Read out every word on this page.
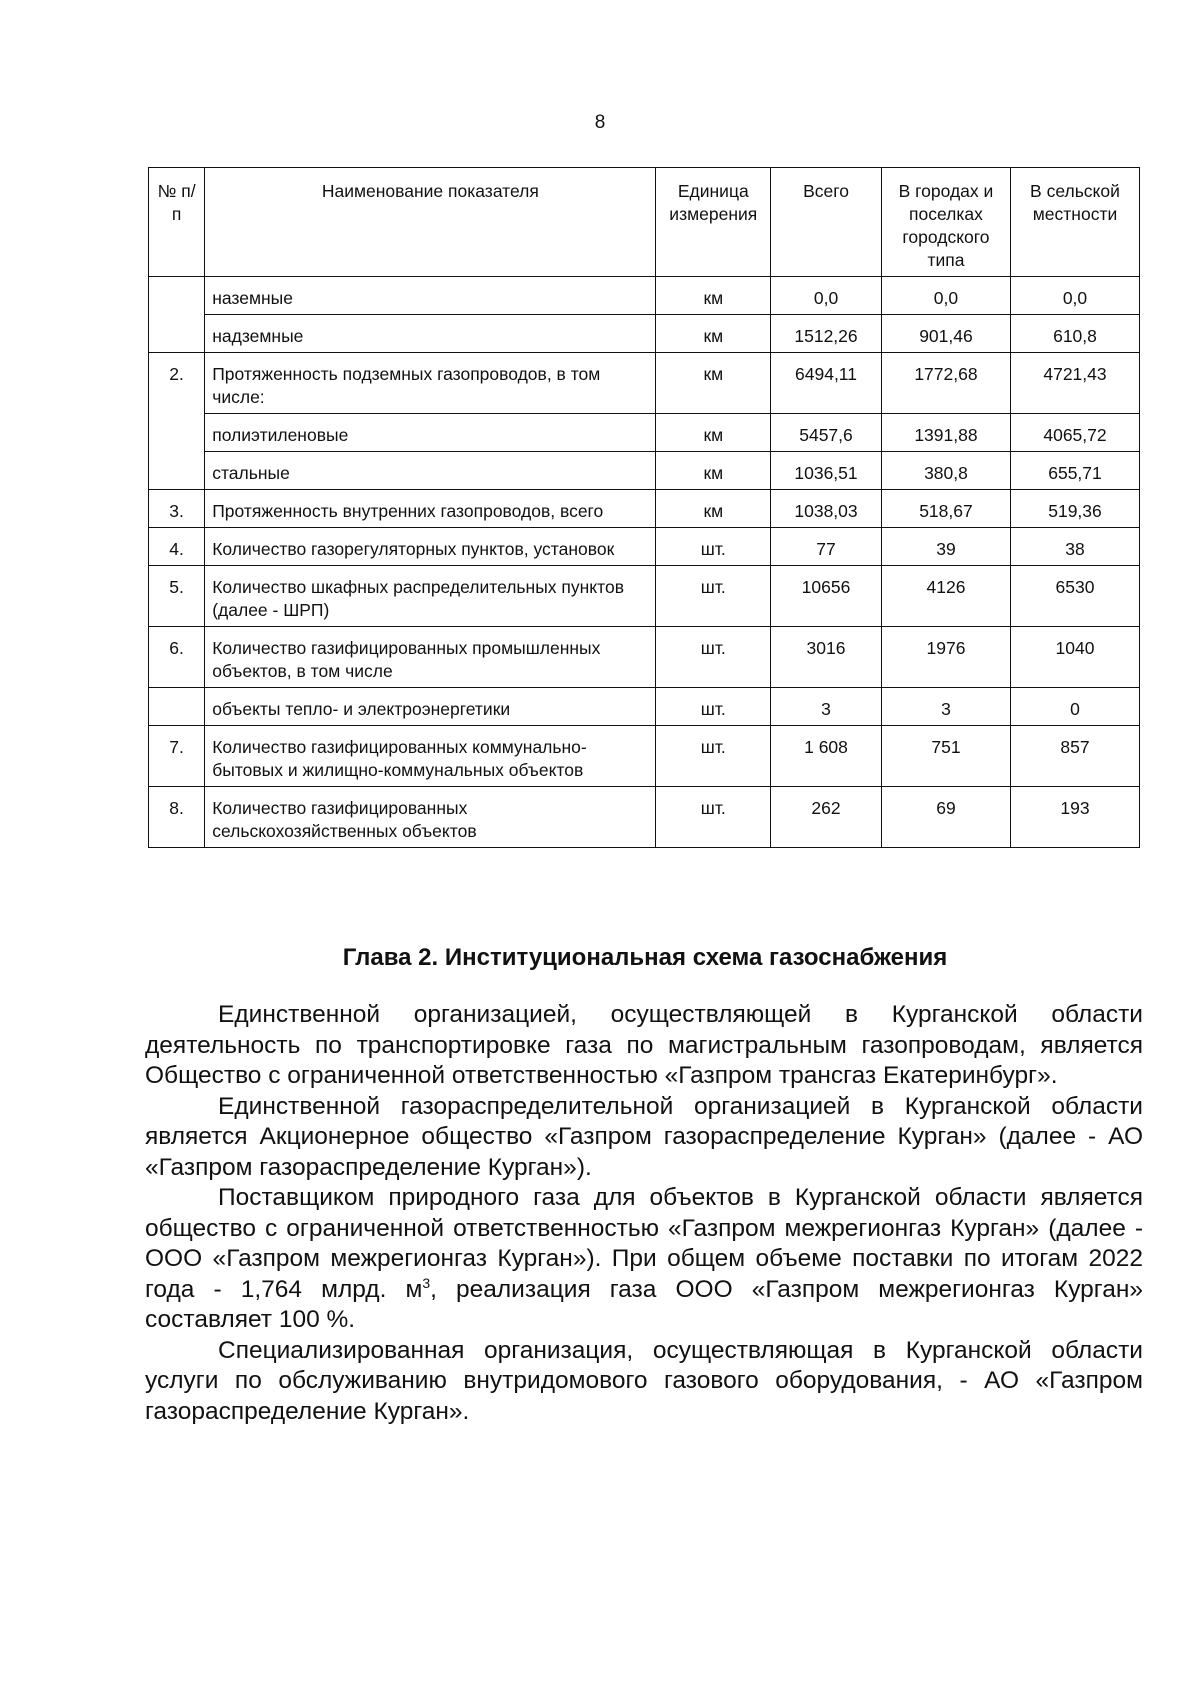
8
№ п/п	Наименование показателя	Единица измерения	Всего	В городах и поселках городского типа	В сельской местности
	наземные	км	0,0	0,0	0,0
	надземные	км	1512,26	901,46	610,8
2.	Протяженность подземных газопроводов, в том числе:	км	6494,11	1772,68	4721,43
	полиэтиленовые	км	5457,6	1391,88	4065,72
	стальные	км	1036,51	380,8	655,71
3.	Протяженность внутренних газопроводов, всего	км	1038,03	518,67	519,36
4.	Количество газорегуляторных пунктов, установок	шт.	77	39	38
5.	Количество шкафных распределительных пунктов (далее - ШРП)	шт.	10656	4126	6530
6.	Количество газифицированных промышленных объектов, в том числе	шт.	3016	1976	1040
	объекты тепло- и электроэнергетики	шт.	3	3	0
7.	Количество газифицированных коммунально-бытовых и жилищно-коммунальных объектов	шт.	1 608	751	857
8.	Количество газифицированных сельскохозяйственных объектов	шт.	262	69	193
Глава 2. Институциональная схема газоснабжения

Единственной организацией, осуществляющей в Курганской области деятельность по транспортировке газа по магистральным газопроводам, является Общество с ограниченной ответственностью «Газпром трансгаз Екатеринбург».

Единственной газораспределительной организацией в Курганской области является Акционерное общество «Газпром газораспределение Курган» (далее - АО «Газпром газораспределение Курган»).

Поставщиком природного газа для объектов в Курганской области является общество с ограниченной ответственностью «Газпром межрегионгаз Курган» (далее - ООО «Газпром межрегионгаз Курган»). При общем объеме поставки по итогам 2022 года - 1,764 млрд. $м^3$, реализация газа ООО «Газпром межрегионгаз Курган» составляет 100 %.

Специализированная организация, осуществляющая в Курганской области услуги по обслуживанию внутридомового газового оборудования, - АО «Газпром газораспределение Курган».
